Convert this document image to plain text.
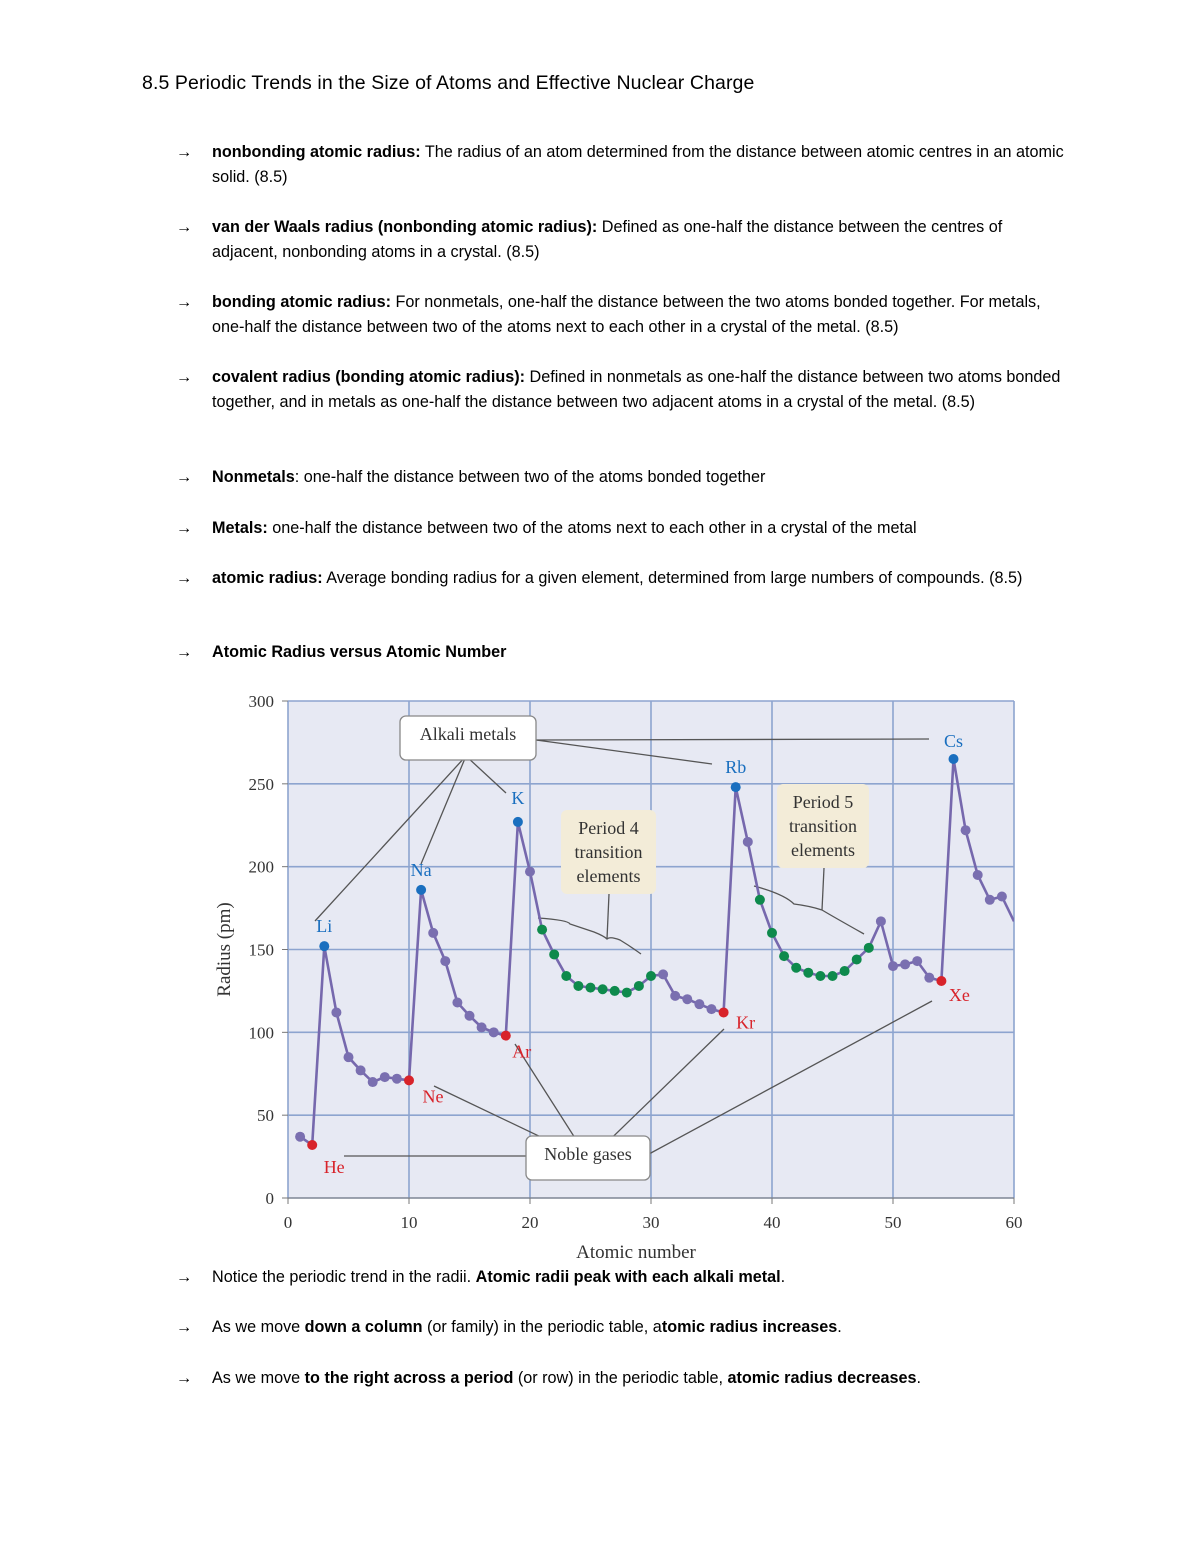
8.5 Periodic Trends in the Size of Atoms and Effective Nuclear Charge
→	nonbonding atomic radius: The radius of an atom determined from the distance between atomic centres in an atomic solid. (8.5)
→	van der Waals radius (nonbonding atomic radius): Defined as one-half the distance between the centres of adjacent, nonbonding atoms in a crystal. (8.5)
→	bonding atomic radius: For nonmetals, one-half the distance between the two atoms bonded together. For metals, one-half the distance between two of the atoms next to each other in a crystal of the metal. (8.5)
→	covalent radius (bonding atomic radius): Defined in nonmetals as one-half the distance between two atoms bonded together, and in metals as one-half the distance between two adjacent atoms in a crystal of the metal. (8.5)
→	Nonmetals: one-half the distance between two of the atoms bonded together
→	Metals: one-half the distance between two of the atoms next to each other in a crystal of the metal
→	atomic radius: Average bonding radius for a given element, determined from large numbers of compounds. (8.5)
→	Atomic Radius versus Atomic Number
0	10	20	30	40	50	60
0
50
100
150
200
250
300
Atomic number
Radius (pm)	Li
Na
K
Rb
Cs
He
Ne
Ar
Kr
Xe
Alkali metals
Noble gases
Period 4
transition
elements
Period 5
transition
elements
→	Notice the periodic trend in the radii. Atomic radii peak with each alkali metal.
→	As we move down a column (or family) in the periodic table, atomic radius increases.
→	As we move to the right across a period (or row) in the periodic table, atomic radius decreases.
